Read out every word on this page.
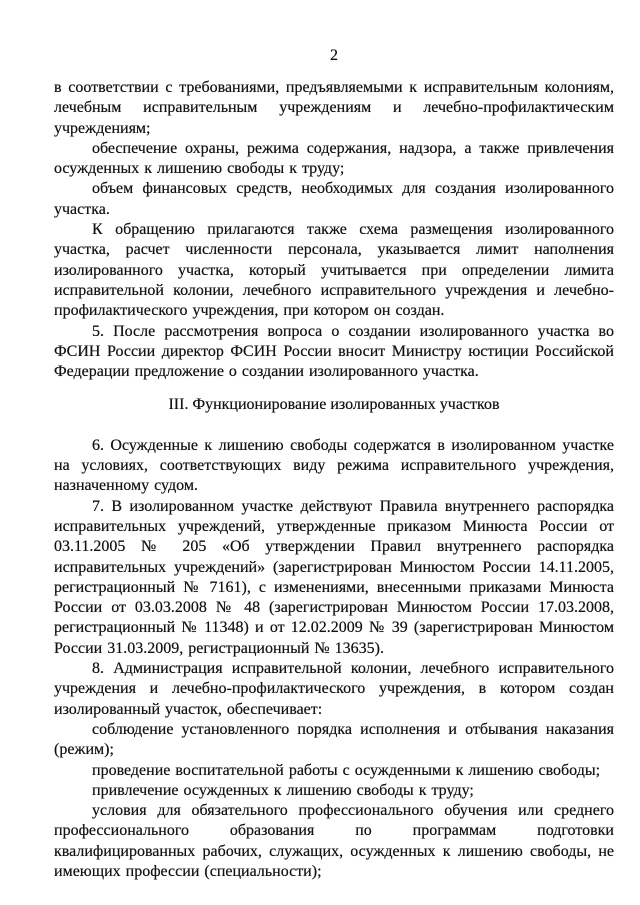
2

в соответствии с требованиями, предъявляемыми к исправительным колониям, лечебным исправительным учреждениям и лечебно-профилактическим учреждениям;

обеспечение охраны, режима содержания, надзора, а также привлечения осужденных к лишению свободы к труду;

объем финансовых средств, необходимых для создания изолированного участка.

К обращению прилагаются также схема размещения изолированного участка, расчет численности персонала, указывается лимит наполнения изолированного участка, который учитывается при определении лимита исправительной колонии, лечебного исправительного учреждения и лечебно-профилактического учреждения, при котором он создан.

5. После рассмотрения вопроса о создании изолированного участка во ФСИН России директор ФСИН России вносит Министру юстиции Российской Федерации предложение о создании изолированного участка.

III. Функционирование изолированных участков

6. Осужденные к лишению свободы содержатся в изолированном участке на условиях, соответствующих виду режима исправительного учреждения, назначенному судом.

7. В изолированном участке действуют Правила внутреннего распорядка исправительных учреждений, утвержденные приказом Минюста России от 03.11.2005 № 205 «Об утверждении Правил внутреннего распорядка исправительных учреждений» (зарегистрирован Минюстом России 14.11.2005, регистрационный № 7161), с изменениями, внесенными приказами Минюста России от 03.03.2008 № 48 (зарегистрирован Минюстом России 17.03.2008, регистрационный № 11348) и от 12.02.2009 № 39 (зарегистрирован Минюстом России 31.03.2009, регистрационный № 13635).

8. Администрация исправительной колонии, лечебного исправительного учреждения и лечебно-профилактического учреждения, в котором создан изолированный участок, обеспечивает:

соблюдение установленного порядка исполнения и отбывания наказания (режим);

проведение воспитательной работы с осужденными к лишению свободы;

привлечение осужденных к лишению свободы к труду;

условия для обязательного профессионального обучения или среднего профессионального образования по программам подготовки квалифицированных рабочих, служащих, осужденных к лишению свободы, не имеющих профессии (специальности);
